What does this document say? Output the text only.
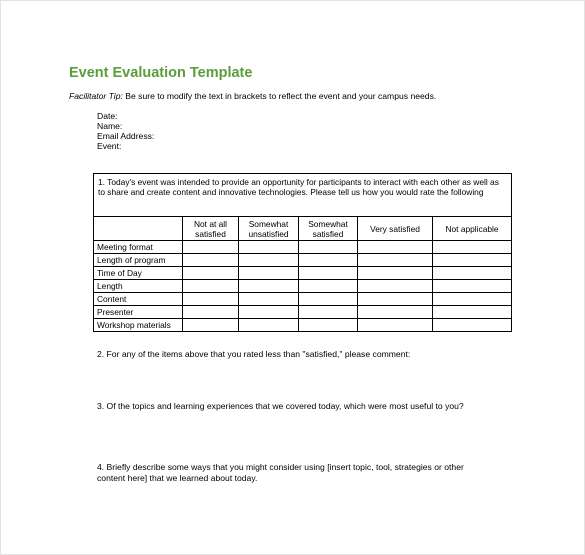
Event Evaluation Template
Facilitator Tip: Be sure to modify the text in brackets to reflect the event and your campus needs.
Date:
Name:
Email Address:
Event:
1. Today's event was intended to provide an opportunity for participants to interact with each other as well as to share and create content and innovative technologies. Please tell us how you would rate the following					
	Not at all satisfied	Somewhat unsatisfied	Somewhat satisfied	Very satisfied	Not applicable
Meeting format					
Length of program					
Time of Day					
Length					
Content					
Presenter					
Workshop materials					
2. For any of the items above that you rated less than "satisfied," please comment:
3. Of the topics and learning experiences that we covered today, which were most useful to you?
4. Briefly describe some ways that you might consider using [insert topic, tool, strategies or other content here] that we learned about today.
